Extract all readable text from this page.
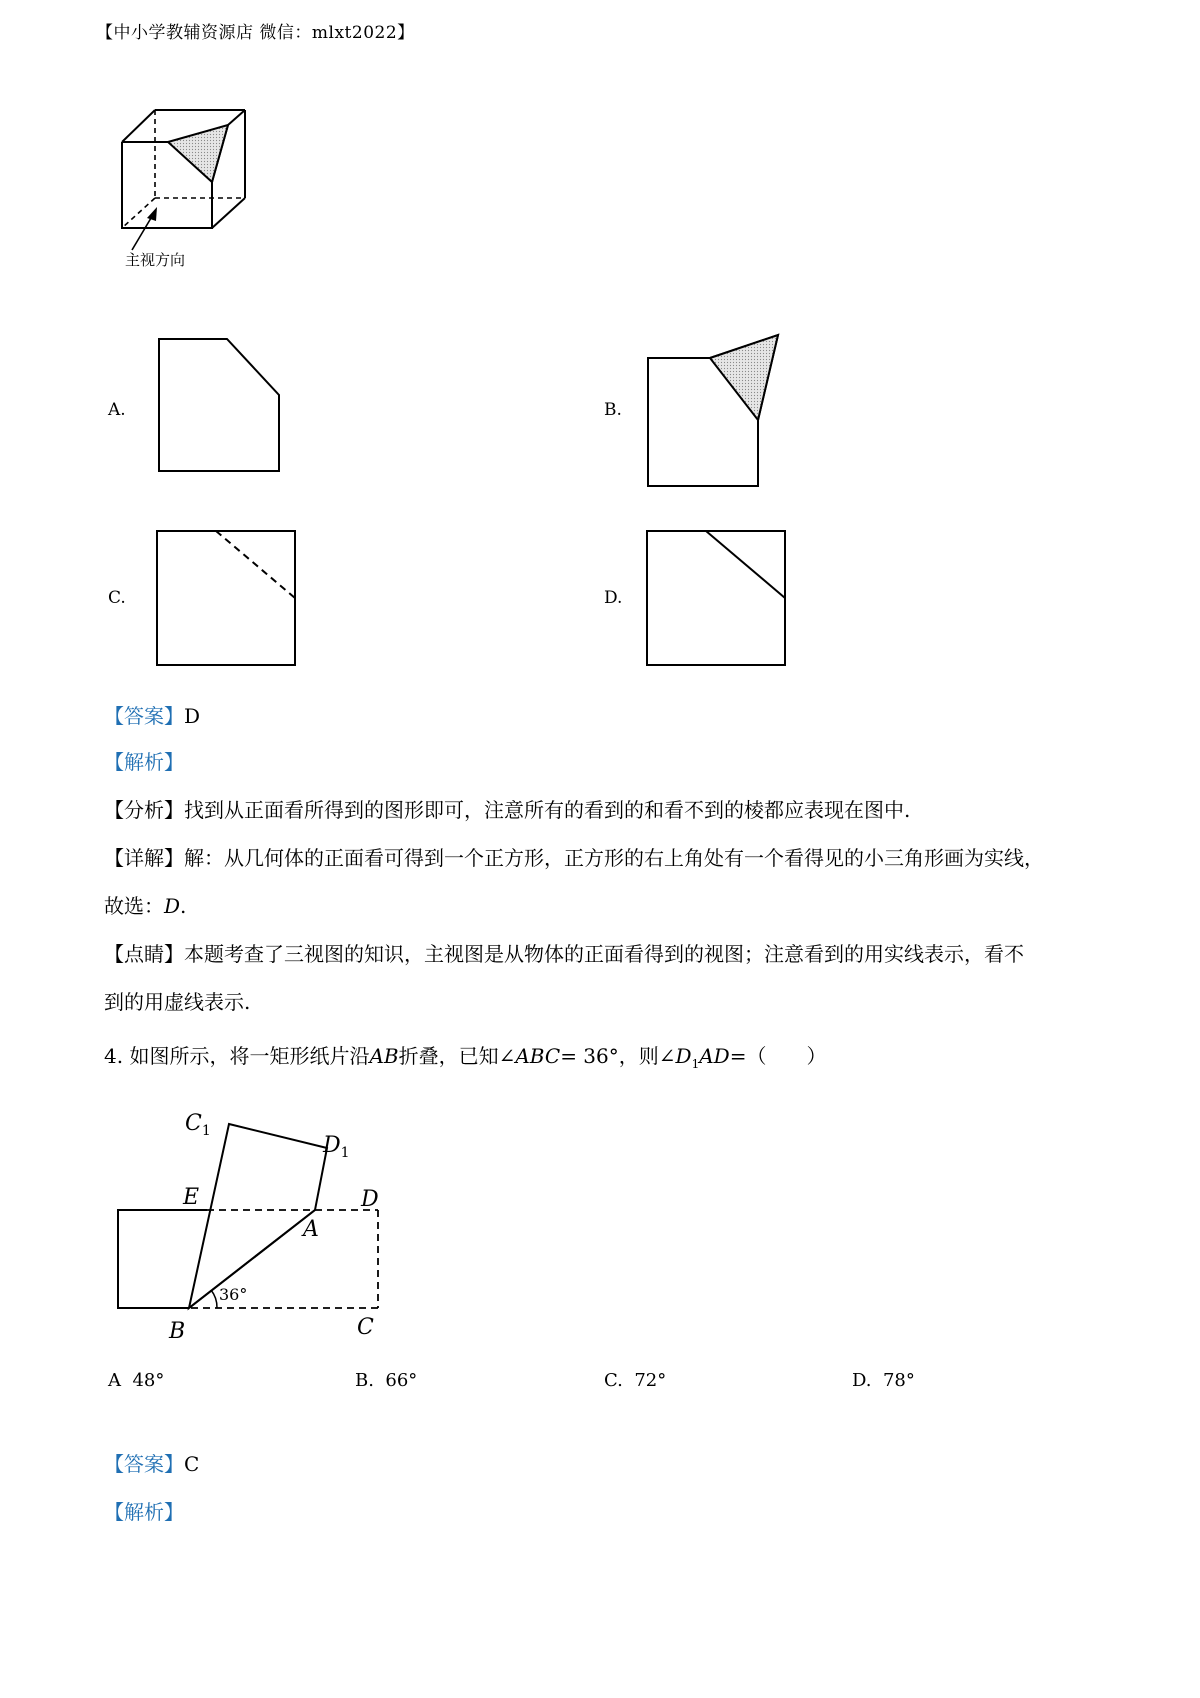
【中小学教辅资源店 微信：mlxt2022】
主视方向
A.	B.
C.	D.
【答案】D
【解析】
【分析】找到从正面看所得到的图形即可，注意所有的看到的和看不到的棱都应表现在图中.
【详解】解：从几何体的正面看可得到一个正方形，正方形的右上角处有一个看得见的小三角形画为实线，
故选：D.
【点睛】本题考查了三视图的知识，主视图是从物体的正面看得到的视图；注意看到的用实线表示，看不
到的用虚线表示.
4. 如图所示，将一矩形纸片沿AB折叠，已知∠ABC= 36°，则$\angle D_1AD=$（　　）
$C_1$
$D_1$
E
A
D
B	C
36°
A 48°	B. 66°	C. 72°	D. 78°
【答案】C
【解析】
